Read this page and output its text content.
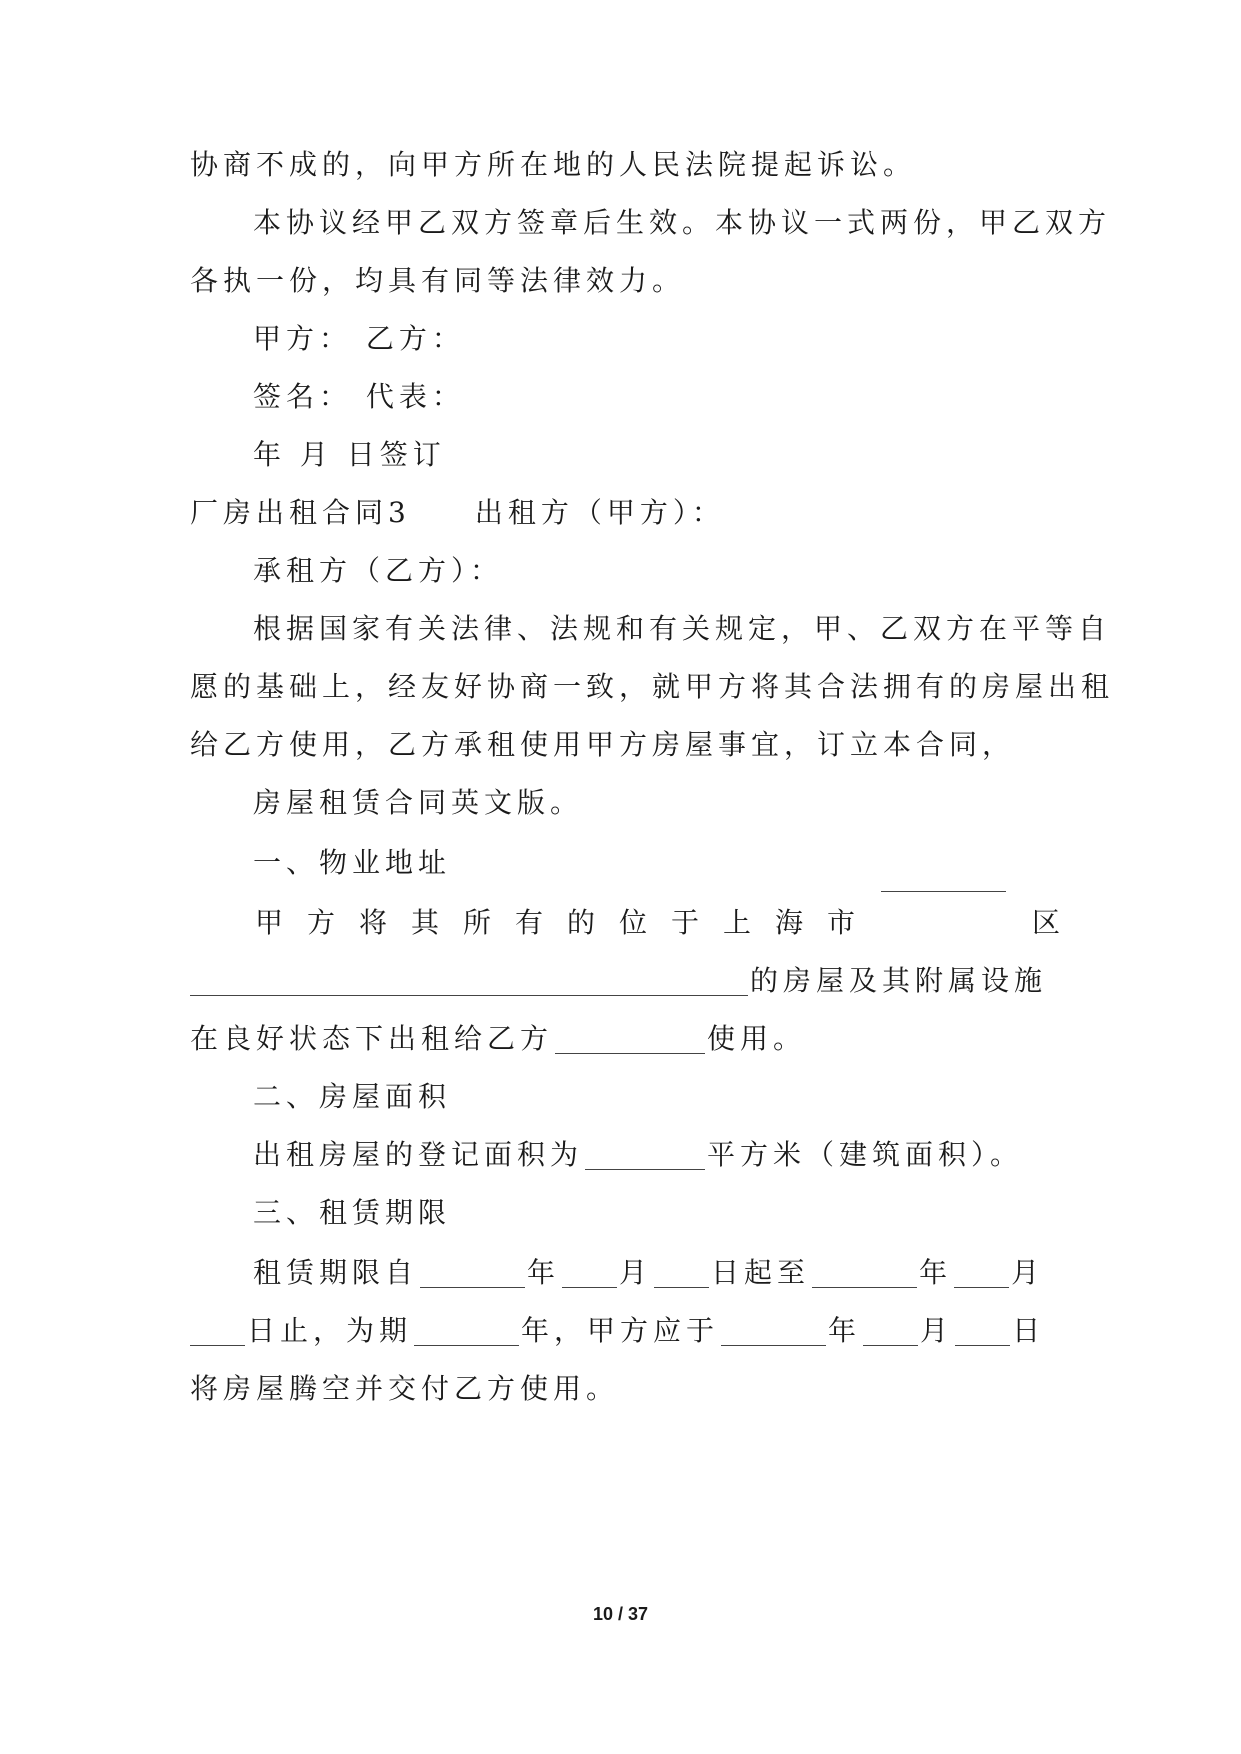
协商不成的，向甲方所在地的人民法院提起诉讼。
本协议经甲乙双方签章后生效。本协议一式两份，甲乙双方
各执一份，均具有同等法律效力。
甲方： 乙方：
签名： 代表：
年 月 日签订
厂房出租合同3 出租方（甲方）：
承租方（乙方）：
根据国家有关法律、法规和有关规定，甲、乙双方在平等自
愿的基础上，经友好协商一致，就甲方将其合法拥有的房屋出租
给乙方使用，乙方承租使用甲方房屋事宜，订立本合同，
房屋租赁合同英文版。
一、物业地址
甲 方 将 其 所 有 的 位 于 上 海 市	区
的房屋及其附属设施
在良好状态下出租给乙方	使用。
二、房屋面积
出租房屋的登记面积为	平方米（建筑面积）。
三、租赁期限
租赁期限自	年 月 日起至	年 月
日止，为期	年，甲方应于	年 月 日
将房屋腾空并交付乙方使用。
10 / 37
